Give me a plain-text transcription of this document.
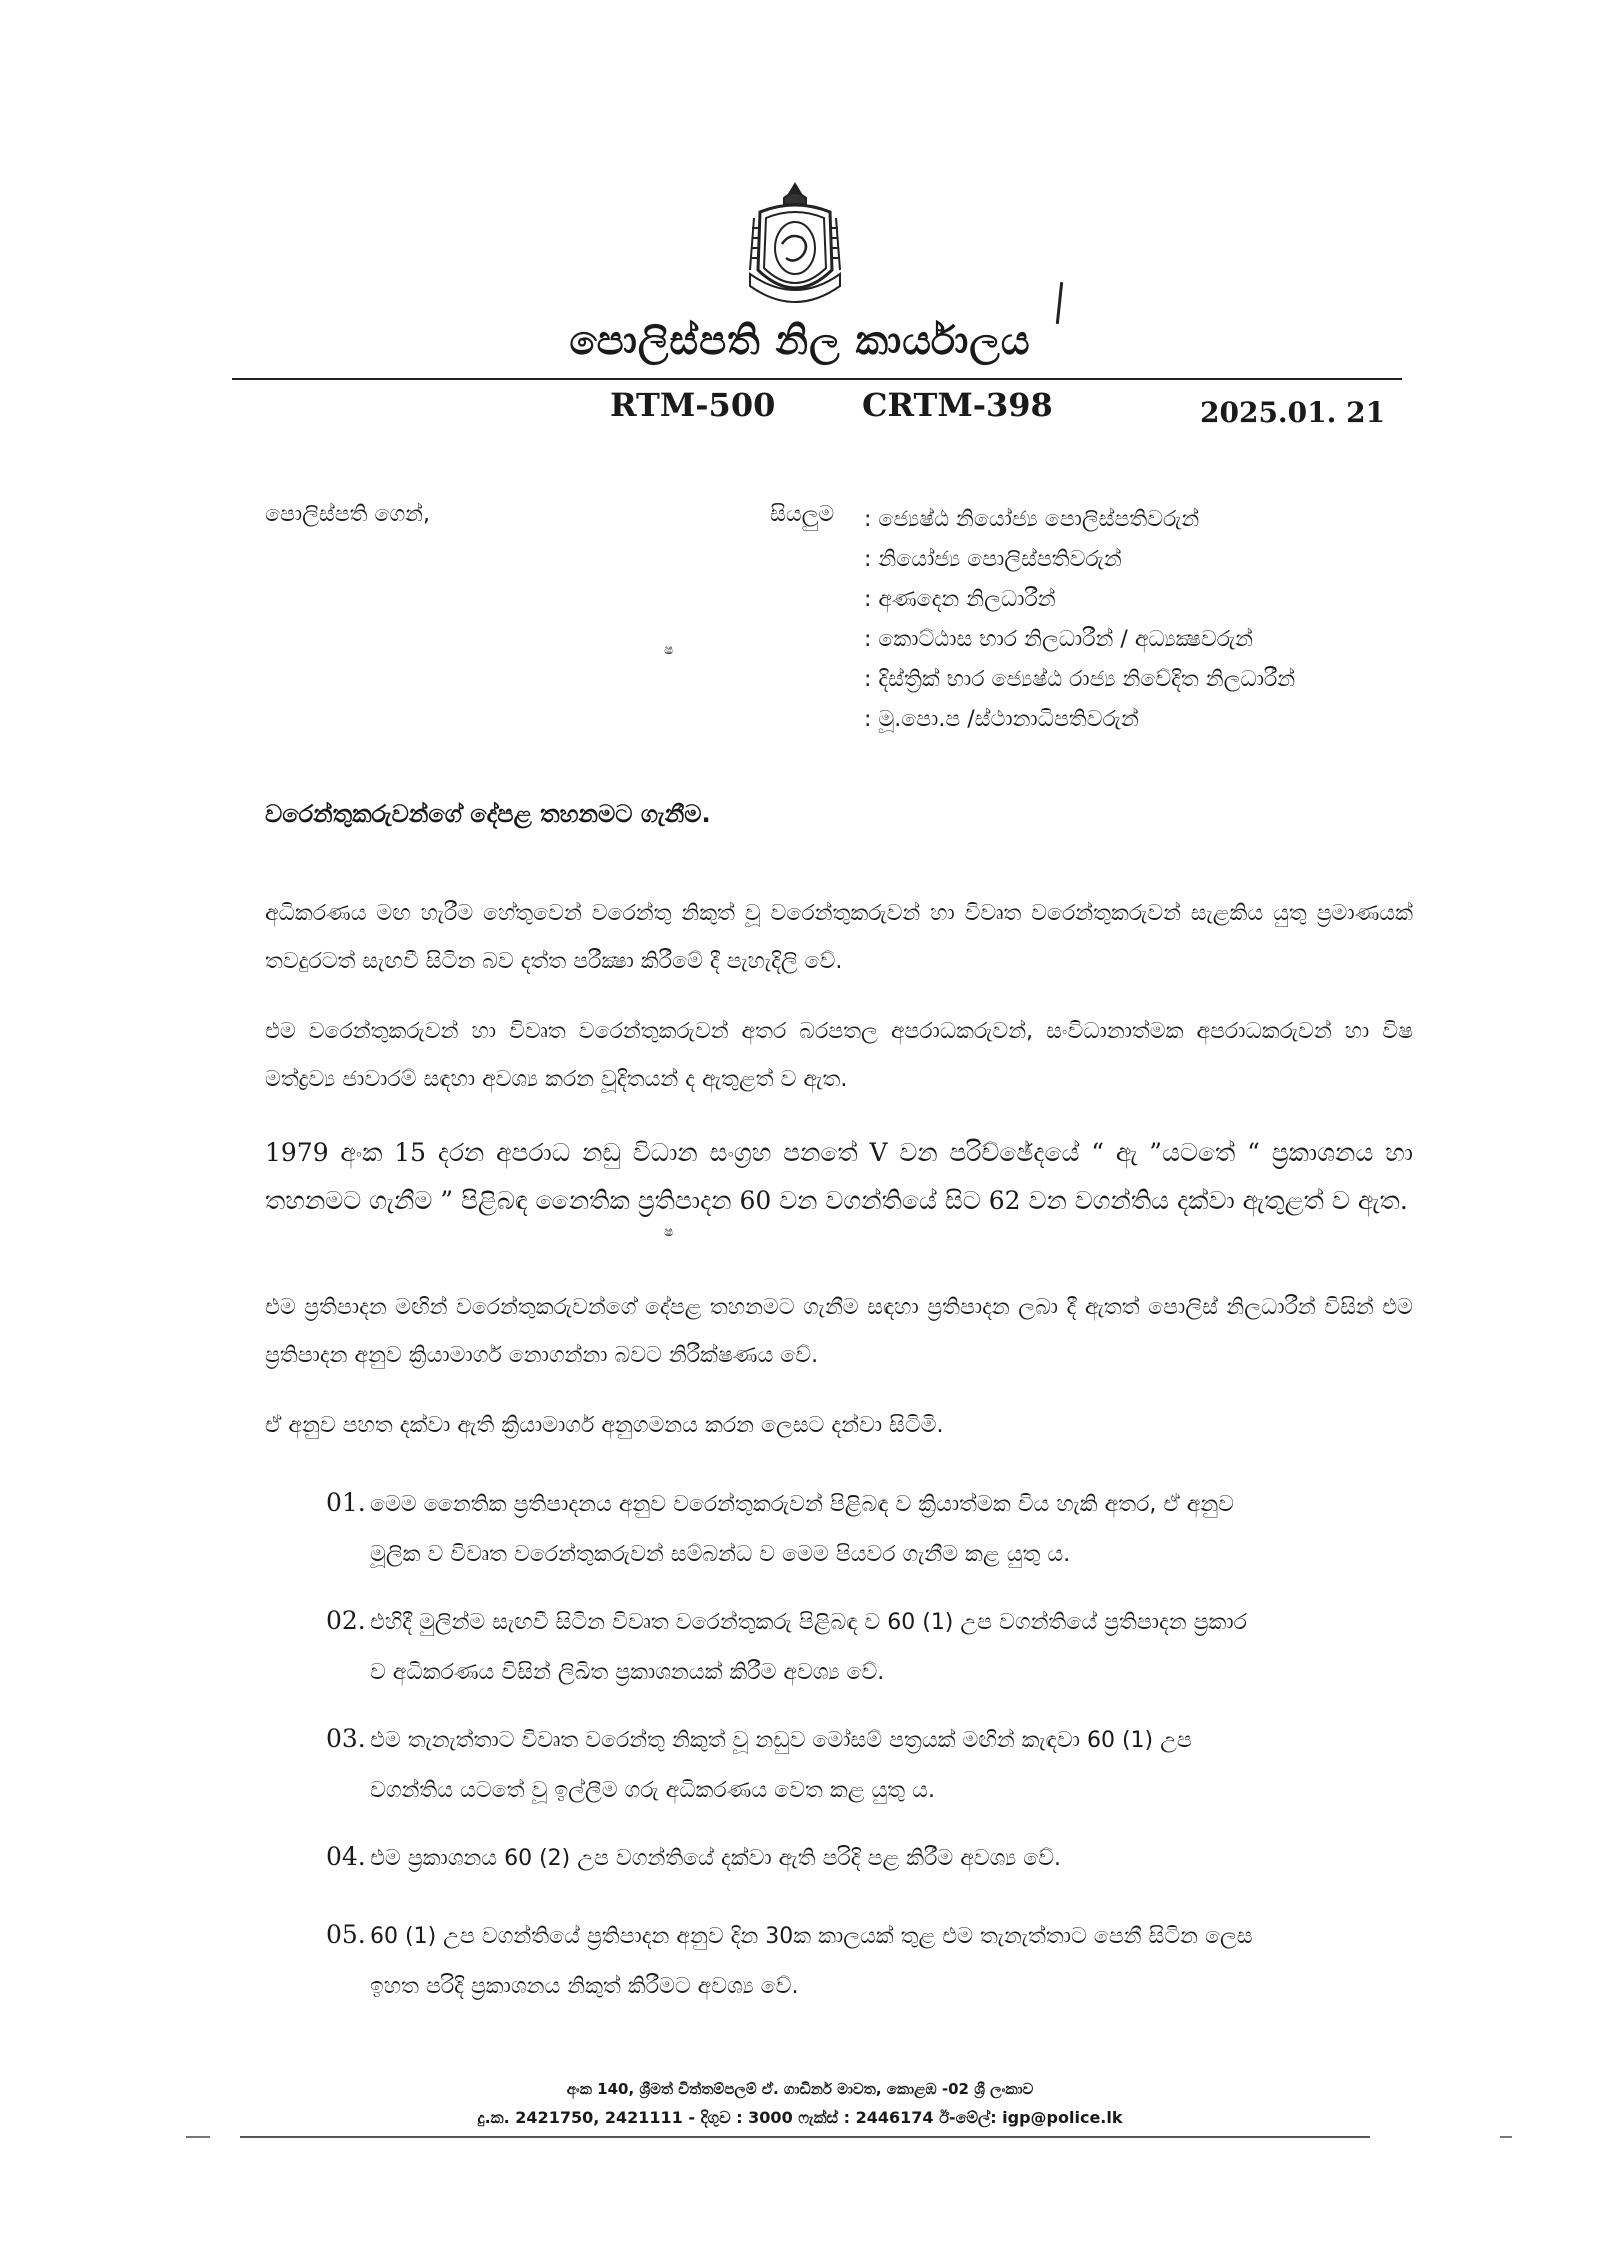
පොලිස්පති නිල කාර්යාලය
RTM-500	CRTM-398	2025.01. 21
පොලිස්පති ගෙන්,	සියලුම : ජ්‍යෙෂ්ඨ නියෝජ්‍ය පොලිස්පතිවරුන්
: නියෝජ්‍ය පොලිස්පතිවරුන්
: අණදෙන නිලධාරීන්
: කොට්ඨාස භාර නිලධාරීන් / අධ්‍යක්‍ෂවරුන්
: දිස්ත්‍රික් භාර ජ්‍යෙෂ්ඨ රාජ්‍ය නිවේදිත නිලධාරීන්
: මූ.පො.ප /ස්ථානාධිපතිවරුන්
වරෙන්තුකරුවන්ගේ දේපළ තහනමට ගැනීම.

අධිකරණය මඟ හැරීම හේතුවෙන් වරෙන්තු නිකුත් වූ වරෙන්තුකරුවන් හා විවෘත වරෙන්තුකරුවන් සැළකිය යුතු ප්‍රමාණයක් තවදුරටත් සැඟවී සිටින බව දත්ත පරීක්‍ෂා කිරීමේ දී පැහැදිලි වේ.

එම වරෙන්තුකරුවන් හා විවෘත වරෙන්තුකරුවන් අතර බරපතල අපරාධකරුවන්, සංවිධානාත්මක අපරාධකරුවන් හා විෂ මත්ද්‍රව්‍ය ජාවාරම් සඳහා අවශ්‍ය කරන වූදිතයන් ද ඇතුළත් ව ඇත.

1979 අංක 15 දරන අපරාධ නඩු විධාන සංග්‍රහ පනතේ V වන පරිච්ඡේදයේ “ ඇ ”යටතේ “ ප්‍රකාශනය හා තහනමට ගැනීම ” පිළිබඳ නෛතික ප්‍රතිපාදන 60 වන වගන්තියේ සිට 62 වන වගන්තිය දක්වා ඇතුළත් ව ඇත.

එම ප්‍රතිපාදන මඟින් වරෙන්තුකරුවන්ගේ දේපළ තහනමට ගැනීම සඳහා ප්‍රතිපාදන ලබා දී ඇතත් පොලිස් නිලධාරීන් විසින් එම ප්‍රතිපාදන අනුව ක්‍රියාමාර්ග නොගන්නා බවට නිරීක්ෂණය වේ.

ඒ අනුව පහත දක්වා ඇති ක්‍රියාමාර්ග අනුගමනය කරන ලෙසට දන්වා සිටිමි.

01. මෙම නෛතික ප්‍රතිපාදනය අනුව වරෙන්තුකරුවන් පිළිබඳ ව ක්‍රියාත්මක විය හැකි අතර, ඒ අනුව
මූලික ව විවෘත වරෙන්තුකරුවන් සම්බන්ධ ව මෙම පියවර ගැනීම කළ යුතු ය.
02. එහිදී මුලින්ම සැඟවී සිටින විවෘත වරෙන්තුකරු පිළිබඳ ව 60 (1) උප වගන්තියේ ප්‍රතිපාදන ප්‍රකාර
ව අධිකරණය විසින් ලිඛිත ප්‍රකාශනයක් කිරීම අවශ්‍ය වේ.
03. එම තැනැත්තාට විවෘත වරෙන්තු නිකුත් වූ නඩුව මෝසම් පත්‍රයක් මඟින් කැඳවා 60 (1) උප
වගන්තිය යටතේ වූ ඉල්ලීම ගරු අධිකරණය වෙත කළ යුතු ය.
04. එම ප්‍රකාශනය 60 (2) උප වගන්තියේ දක්වා ඇති පරිදි පළ කිරීම අවශ්‍ය වේ.
05. 60 (1) උප වගන්තියේ ප්‍රතිපාදන අනුව දින 30ක කාලයක් තුළ එම තැනැත්තාට පෙනී සිටින ලෙස
ඉහත පරිදි ප්‍රකාශනය නිකුත් කිරීමට අවශ්‍ය වේ.
ෂ
ෂ
අංක 140, ශ්‍රීමත් චිත්තම්පලම් ඒ. ගාඩිනර් මාවත, කොළඹ -02 ශ්‍රී ලංකාව
දු.ක. 2421750, 2421111 - දිගුව : 3000 ෆැක්ස් : 2446174 ඊ-මේල්: igp@police.lk
